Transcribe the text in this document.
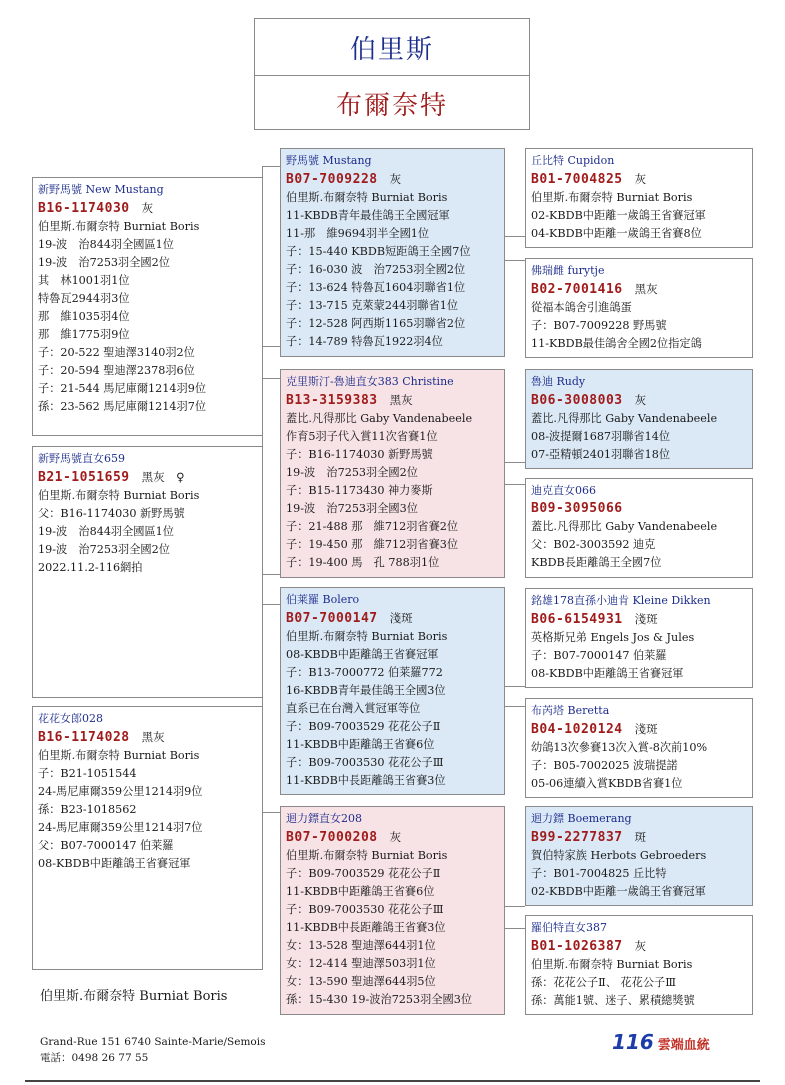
伯里斯
布爾奈特
新野馬號 New Mustang
B16-1174030 灰
伯里斯.布爾奈特 Burniat Boris
19-波　治844羽全國區1位
19-波　治7253羽全國2位
其　林1001羽1位
特魯瓦2944羽3位
那　維1035羽4位
那　維1775羽9位
子：20-522 聖迪澤3140羽2位
子：20-594 聖迪澤2378羽6位
子：21-544 馬尼庫爾1214羽9位
孫：23-562 馬尼庫爾1214羽7位
新野馬號直女659
B21-1051659 黑灰　♀
伯里斯.布爾奈特 Burniat Boris
父：B16-1174030 新野馬號
19-波　治844羽全國區1位
19-波　治7253羽全國2位
2022.11.2-116網拍
花花女郎028
B16-1174028 黑灰
伯里斯.布爾奈特 Burniat Boris
子：B21-1051544
24-馬尼庫爾359公里1214羽9位
孫：B23-1018562
24-馬尼庫爾359公里1214羽7位
父：B07-7000147 伯莱羅
08-KBDB中距離鴿王省賽冠軍
野馬號 Mustang
B07-7009228 灰
伯里斯.布爾奈特 Burniat Boris
11-KBDB青年最佳鴿王全國冠軍
11-那　維9694羽半全國1位
子：15-440 KBDB短距鴿王全國7位
子：16-030 波　治7253羽全國2位
子：13-624 特魯瓦1604羽聯省1位
子：13-715 克萊蒙244羽聯省1位
子：12-528 阿西斯1165羽聯省2位
子：14-789 特魯瓦1922羽4位
克里斯汀-魯迪直女383 Christine
B13-3159383 黑灰
蓋比.凡得那比 Gaby Vandenabeele
作育5羽子代入賞11次省賽1位
子：B16-1174030 新野馬號
19-波　治7253羽全國2位
子：B15-1173430 神力麥斯
19-波　治7253羽全國3位
子：21-488 那　維712羽省賽2位
子：19-450 那　維712羽省賽3位
子：19-400 馬　孔 788羽1位
伯莱羅 Bolero
B07-7000147 淺斑
伯里斯.布爾奈特 Burniat Boris
08-KBDB中距離鴿王省賽冠軍
子：B13-7000772 伯莱羅772
16-KBDB青年最佳鴿王全國3位
直系已在台灣入賞冠軍等位
子：B09-7003529 花花公子Ⅱ
11-KBDB中距離鴿王省賽6位
子：B09-7003530 花花公子Ⅲ
11-KBDB中長距離鴿王省賽3位
迴力鏢直女208
B07-7000208 灰
伯里斯.布爾奈特 Burniat Boris
子：B09-7003529 花花公子Ⅱ
11-KBDB中距離鴿王省賽6位
子：B09-7003530 花花公子Ⅲ
11-KBDB中長距離鴿王省賽3位
女：13-528 聖迪澤644羽1位
女：12-414 聖迪澤503羽1位
女：13-590 聖迪澤644羽5位
孫：15-430 19-波治7253羽全國3位
丘比特 Cupidon
B01-7004825 灰
伯里斯.布爾奈特 Burniat Boris
02-KBDB中距離一歲鴿王省賽冠軍
04-KBDB中距離一歲鴿王省賽8位
佛瑞雌 furytje
B02-7001416 黑灰
從福本鴿舍引進鴿蛋
子：B07-7009228 野馬號
11-KBDB最佳鴿舍全國2位指定鴿
魯迪 Rudy
B06-3008003 灰
蓋比.凡得那比 Gaby Vandenabeele
08-波提爾1687羽聯省14位
07-亞精頓2401羽聯省18位
迪克直女066
B09-3095066
蓋比.凡得那比 Gaby Vandenabeele
父：B02-3003592 迪克
KBDB長距離鴿王全國7位
銘雄178直孫小迪肯 Kleine Dikken
B06-6154931 淺斑
英格斯兄弟 Engels Jos & Jules
子：B07-7000147 伯莱羅
08-KBDB中距離鴿王省賽冠軍
布芮塔 Beretta
B04-1020124 淺斑
幼鴿13次參賽13次入賞-8次前10%
子：B05-7002025 波瑞提諾
05-06連續入賞KBDB省賽1位
迴力鏢 Boemerang
B99-2277837 斑
賀伯特家族 Herbots Gebroeders
子：B01-7004825 丘比特
02-KBDB中距離一歲鴿王省賽冠軍
羅伯特直女387
B01-1026387 灰
伯里斯.布爾奈特 Burniat Boris
孫：花花公子Ⅱ、 花花公子Ⅲ
孫：萬能1號、迷子、累積總獎號
伯里斯.布爾奈特 Burniat Boris
Grand-Rue 151 6740 Sainte-Marie/Semois
電話：0498 26 77 55
116 雲端血統
